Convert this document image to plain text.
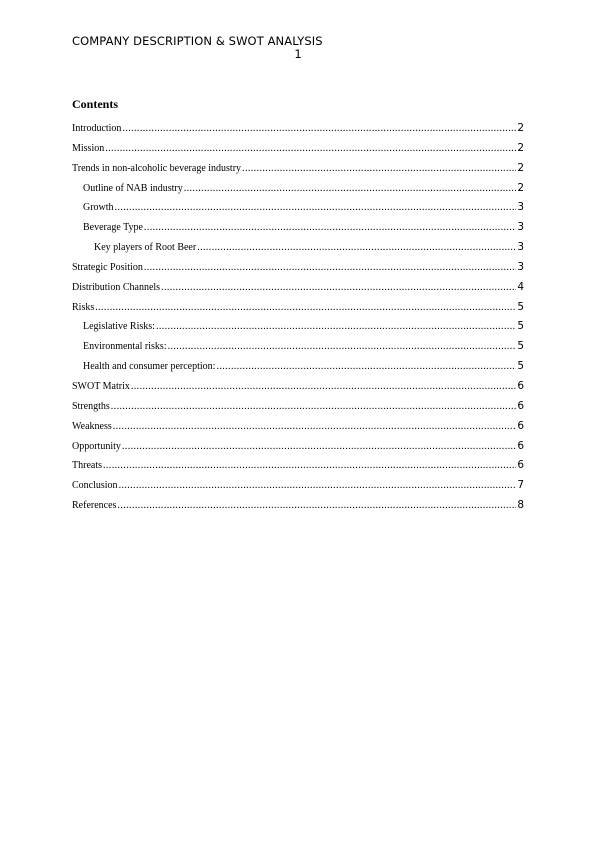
COMPANY DESCRIPTION & SWOT ANALYSIS
1
Contents
Introduction .....	2
Mission .....	2
Trends in non-alcoholic beverage industry .....	2
Outline of NAB industry .....	2
Growth .....	3
Beverage Type .....	3
Key players of Root Beer .....	3
Strategic Position .....	3
Distribution Channels .....	4
Risks .....	5
Legislative Risks: .....	5
Environmental risks: .....	5
Health and consumer perception: .....	5
SWOT Matrix .....	6
Strengths .....	6
Weakness .....	6
Opportunity .....	6
Threats .....	6
Conclusion .....	7
References .....	8
